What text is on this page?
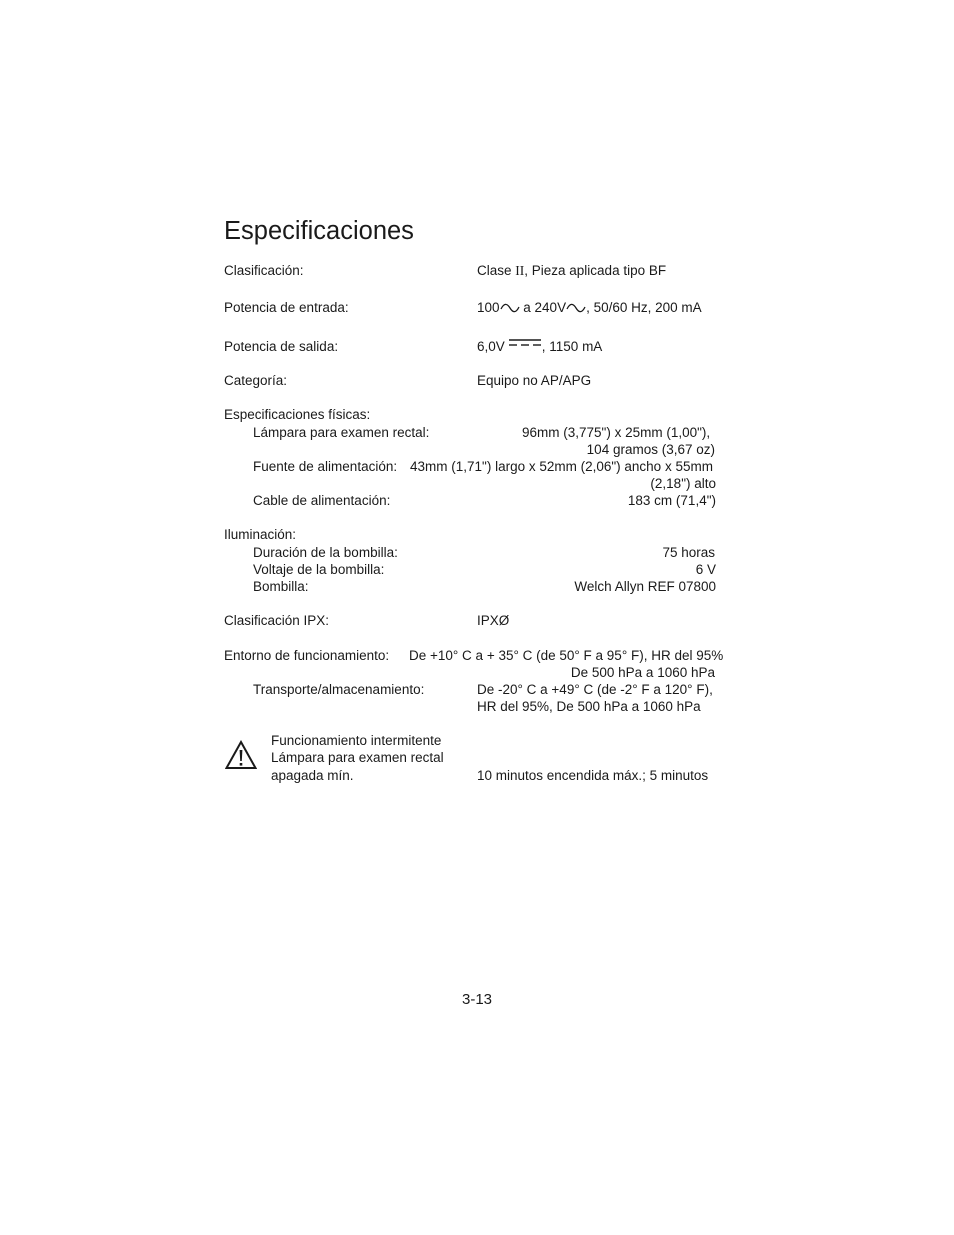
Especificaciones
Clasificación:	Clase II, Pieza aplicada tipo BF
Potencia de entrada:	100 a 240V , 50/60 Hz, 200 mA
Potencia de salida:	6,0V	, 1150 mA
Categoría:	Equipo no AP/APG
Especificaciones físicas:
Lámpara para examen rectal:	96mm (3,775") x 25mm (1,00"),
104 gramos (3,67 oz)
Fuente de alimentación: 43mm (1,71") largo x 52mm (2,06") ancho x 55mm
(2,18") alto
Cable de alimentación:	183 cm (71,4")
Iluminación:
Duración de la bombilla:	75 horas
Voltaje de la bombilla:	6 V
Bombilla:	Welch Allyn REF 07800
Clasificación IPX:	IPXØ
Entorno de funcionamiento: De +10° C a + 35° C (de 50° F a 95° F), HR del 95%
De 500 hPa a 1060 hPa
Transporte/almacenamiento:	De -20° C a +49° C (de -2° F a 120° F),
HR del 95%, De 500 hPa a 1060 hPa
Funcionamiento intermitente
Lámpara para examen rectal
apagada mín.	10 minutos encendida máx.; 5 minutos
3-13
